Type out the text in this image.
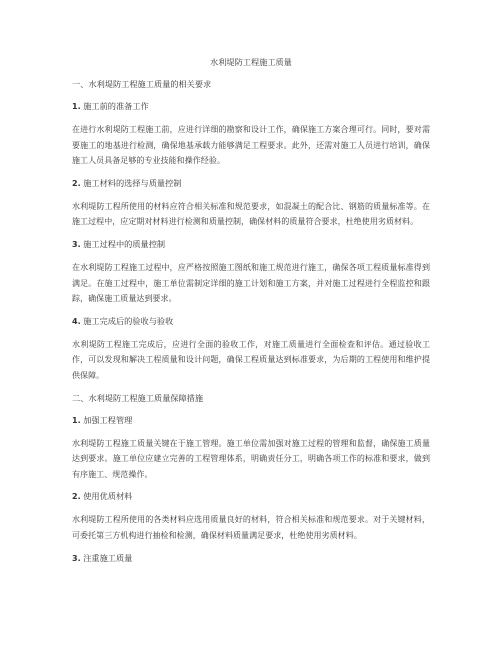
水利堤防工程施工质量
一、水利堤防工程施工质量的相关要求
1. 施工前的准备工作
在进行水利堤防工程施工前，应进行详细的勘察和设计工作，确保施工方案合理可行。同时，要对需要施工的地基进行检测，确保地基承载力能够满足工程要求。此外，还需对施工人员进行培训，确保施工人员具备足够的专业技能和操作经验。
2. 施工材料的选择与质量控制
水利堤防工程所使用的材料应符合相关标准和规范要求，如混凝土的配合比、钢筋的质量标准等。在施工过程中，应定期对材料进行检测和质量控制，确保材料的质量符合要求，杜绝使用劣质材料。
3. 施工过程中的质量控制
在水利堤防工程施工过程中，应严格按照施工图纸和施工规范进行施工，确保各项工程质量标准得到满足。在施工过程中，施工单位需制定详细的施工计划和施工方案，并对施工过程进行全程监控和跟踪，确保施工质量达到要求。
4. 施工完成后的验收与验收
水利堤防工程施工完成后，应进行全面的验收工作，对施工质量进行全面检查和评估。通过验收工作，可以发现和解决工程质量和设计问题，确保工程质量达到标准要求，为后期的工程使用和维护提供保障。
二、水利堤防工程施工质量保障措施
1. 加强工程管理
水利堤防工程施工质量关键在于施工管理。施工单位需加强对施工过程的管理和监督，确保施工质量达到要求。施工单位应建立完善的工程管理体系，明确责任分工，明确各项工作的标准和要求，做到有序施工、规范操作。
2. 使用优质材料
水利堤防工程所使用的各类材料应选用质量良好的材料，符合相关标准和规范要求。对于关键材料，可委托第三方机构进行抽检和检测，确保材料质量满足要求，杜绝使用劣质材料。
3. 注重施工质量
